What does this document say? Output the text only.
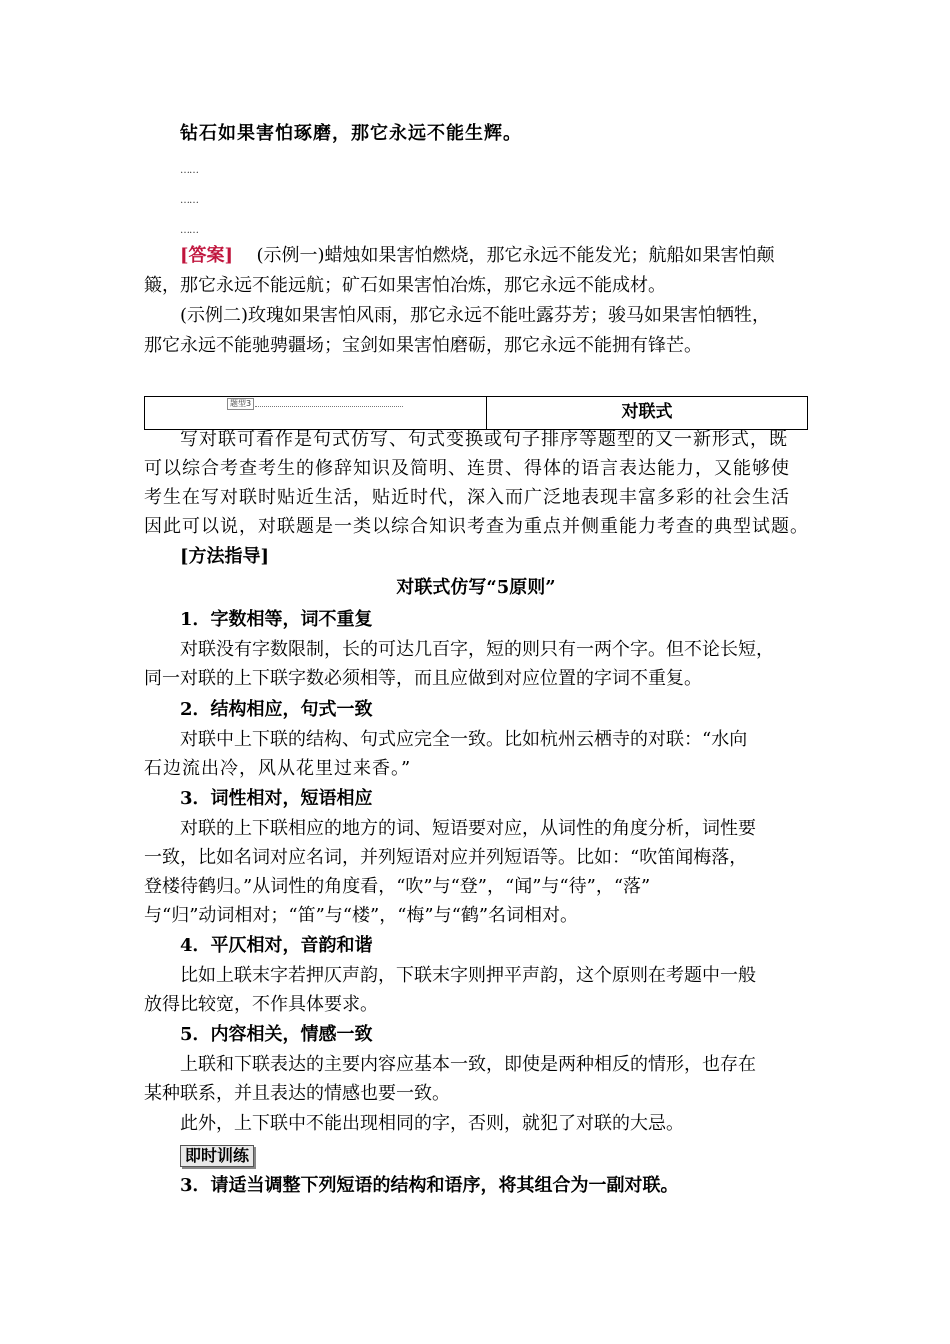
钻石如果害怕琢磨，那它永远不能生辉。
……
……
……
[答案] (示例一)蜡烛如果害怕燃烧，那它永远不能发光；航船如果害怕颠
簸，那它永远不能远航；矿石如果害怕冶炼，那它永远不能成材。
(示例二)玫瑰如果害怕风雨，那它永远不能吐露芬芳；骏马如果害怕牺牲，
那它永远不能驰骋疆场；宝剑如果害怕磨砺，那它永远不能拥有锋芒。
题型3	对联式
写对联可看作是句式仿写、句式变换或句子排序等题型的又一新形式，既
可以综合考查考生的修辞知识及简明、连贯、得体的语言表达能力，又能够使
考生在写对联时贴近生活，贴近时代，深入而广泛地表现丰富多彩的社会生活
因此可以说，对联题是一类以综合知识考查为重点并侧重能力考查的典型试题。
[方法指导]
对联式仿写“5原则”
1．字数相等，词不重复
对联没有字数限制，长的可达几百字，短的则只有一两个字。但不论长短，
同一对联的上下联字数必须相等，而且应做到对应位置的字词不重复。
2．结构相应，句式一致
对联中上下联的结构、句式应完全一致。比如杭州云栖寺的对联：“水向
石边流出冷，风从花里过来香。”
3．词性相对，短语相应
对联的上下联相应的地方的词、短语要对应，从词性的角度分析，词性要
一致，比如名词对应名词，并列短语对应并列短语等。比如：“吹笛闻梅落，
登楼待鹤归。”从词性的角度看，“吹”与“登”，“闻”与“待”，“落”
与“归”动词相对；“笛”与“楼”，“梅”与“鹤”名词相对。
4．平仄相对，音韵和谐
比如上联末字若押仄声韵，下联末字则押平声韵，这个原则在考题中一般
放得比较宽，不作具体要求。
5．内容相关，情感一致
上联和下联表达的主要内容应基本一致，即使是两种相反的情形，也存在
某种联系，并且表达的情感也要一致。
此外，上下联中不能出现相同的字，否则，就犯了对联的大忌。
即时训练
3．请适当调整下列短语的结构和语序，将其组合为一副对联。
